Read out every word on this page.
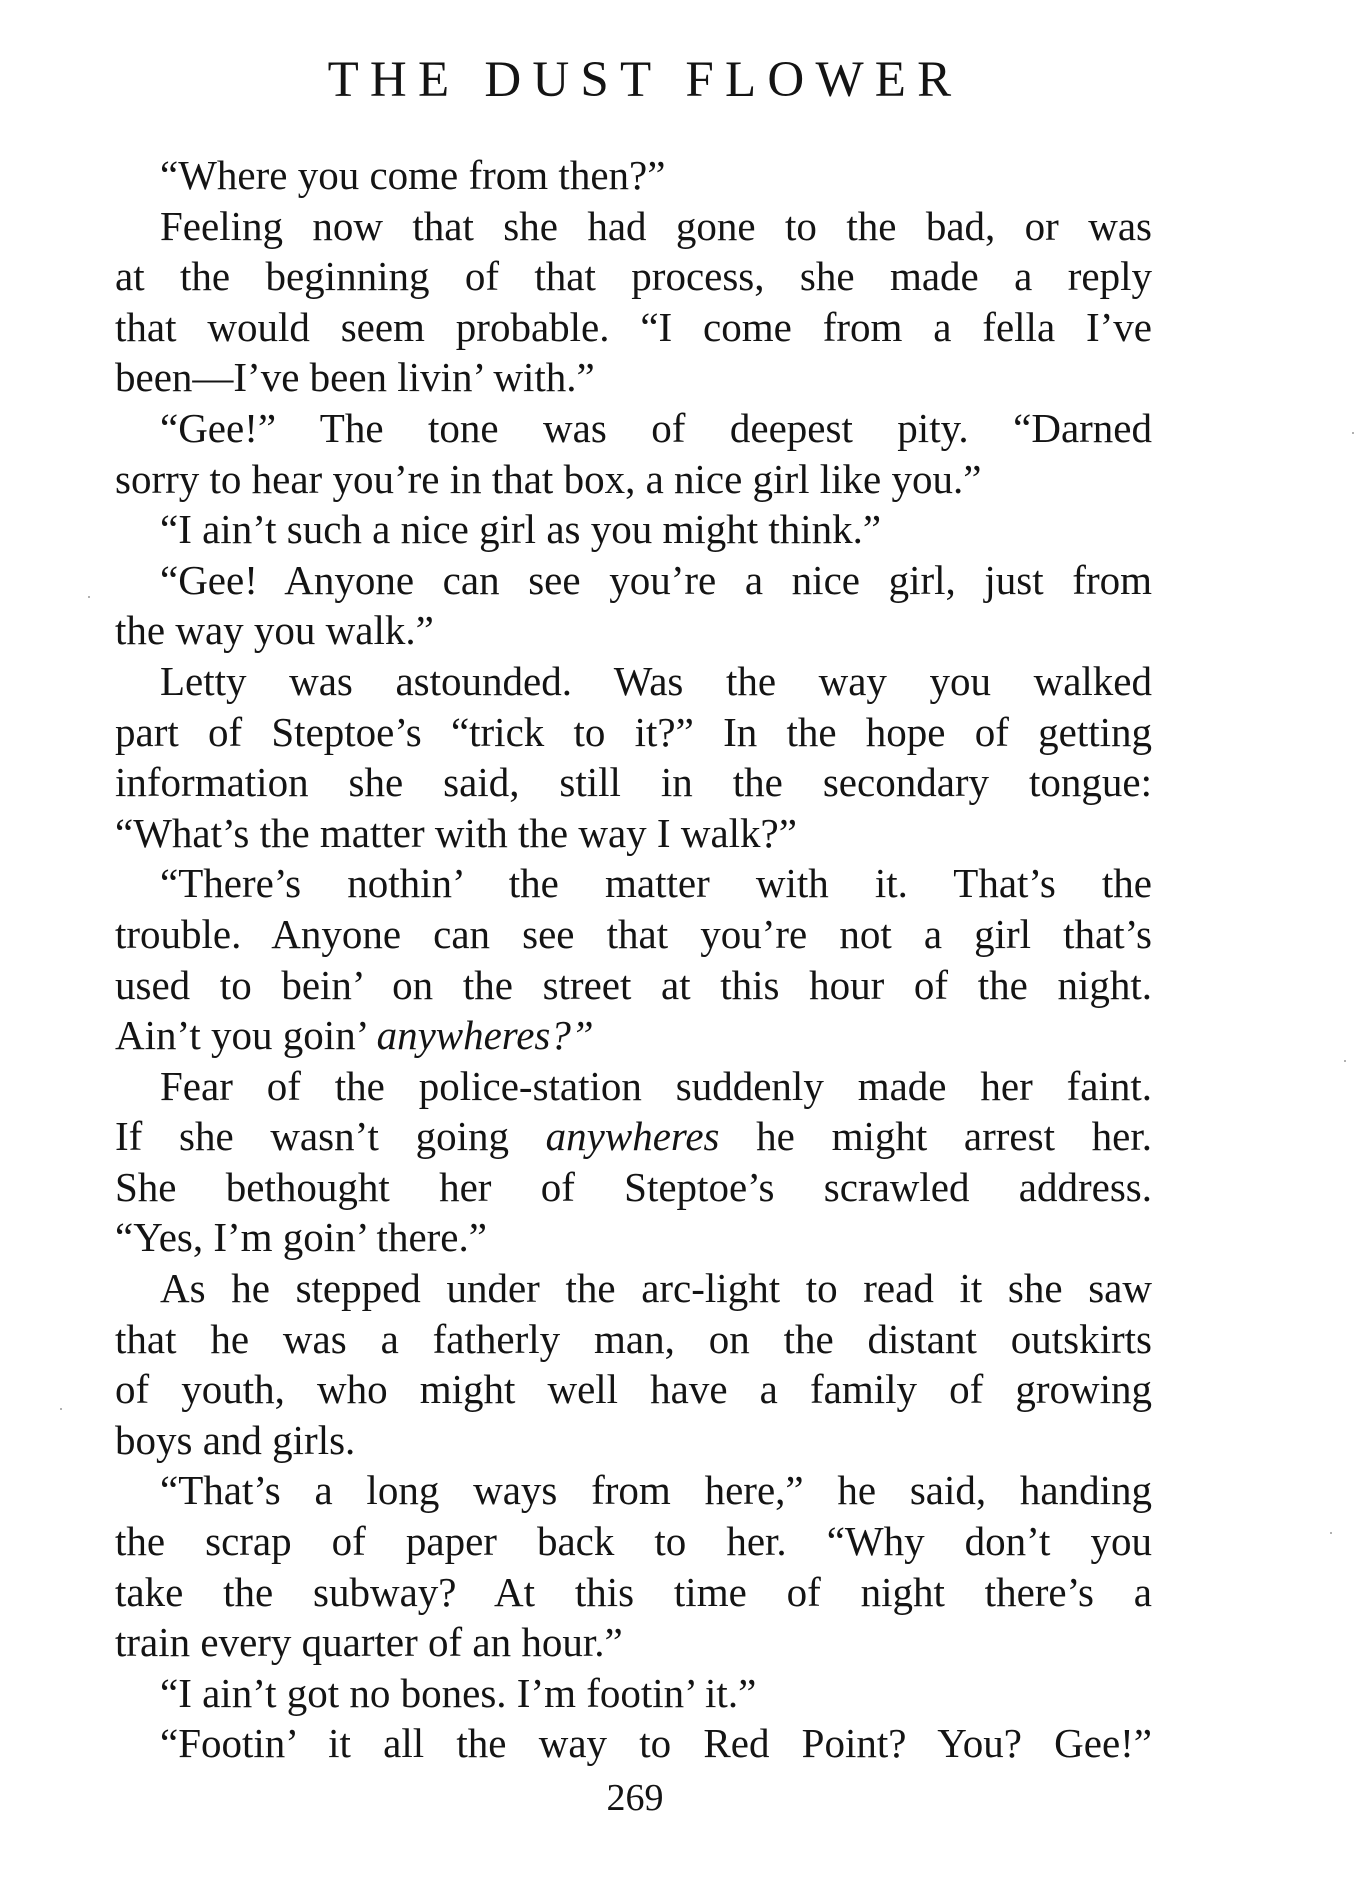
THE DUST FLOWER
“Where you come from then?”
Feeling now that she had gone to the bad, or was
at the beginning of that process, she made a reply
that would seem probable. “I come from a fella I’ve
been—I’ve been livin’ with.”
“Gee!” The tone was of deepest pity. “Darned
sorry to hear you’re in that box, a nice girl like you.”
“I ain’t such a nice girl as you might think.”
“Gee! Anyone can see you’re a nice girl, just from
the way you walk.”
Letty was astounded. Was the way you walked
part of Steptoe’s “trick to it?” In the hope of getting
information she said, still in the secondary tongue:
“What’s the matter with the way I walk?”
“There’s nothin’ the matter with it. That’s the
trouble. Anyone can see that you’re not a girl that’s
used to bein’ on the street at this hour of the night.
Ain’t you goin’ anywheres?”
Fear of the police-station suddenly made her faint.
If she wasn’t going anywheres he might arrest her.
She bethought her of Steptoe’s scrawled address.
“Yes, I’m goin’ there.”
As he stepped under the arc-light to read it she saw
that he was a fatherly man, on the distant outskirts
of youth, who might well have a family of growing
boys and girls.
“That’s a long ways from here,” he said, handing
the scrap of paper back to her. “Why don’t you
take the subway? At this time of night there’s a
train every quarter of an hour.”
“I ain’t got no bones. I’m footin’ it.”
“Footin’ it all the way to Red Point? You? Gee!”
269
